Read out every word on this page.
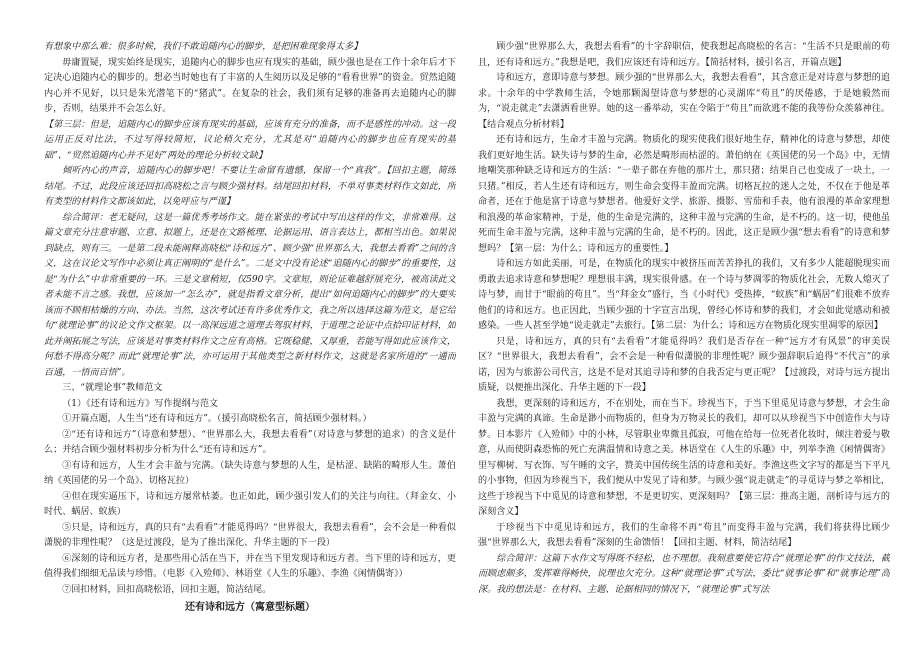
有想象中那么难；很多时候，我们不敢追随内心的脚步，是把困难现象得太多】

毋庸置疑，现实始终是现实，追随内心的脚步也应有现实的基础，顾少强也是在工作十余年后才下定决心追随内心的脚步的。想必当时她也有了丰富的人生阅历以及足够的“看看世界”的资金。贸然追随内心并不见好，以只是朱光潜笔下的“猪武”。在复杂的社会，我们须有足够的准备再去追随内心的脚步，否则，结果并不会怎么好。

【第三层：但是，追随内心的脚步应该有现实的基础，应该有充分的准备，而不是感性的冲动。这一段运用正反对比法，不过写得较简短，议论稍欠充分，尤其是对“追随内心的脚步也应有现实的基础”、“贸然追随内心并不见好”两处的理论分析较文缺】

倾听内心的声音，追随内心的脚步吧！不要让生命留有遗憾，保留一个“真我”。【回扣主题，简练结尾。不过，此段应该还回扣高晓松之言与顾少强材料。结尾回扣材料，不单对事类材料作文如此，所有类型的材料作文都该如此，以免呼应与严谨】

综合简评：老无疑问，这是一篇优秀考场作文。能在紧张的考试中写出这样的作文，非常难得。这篇文章充分注意审题、立意、拟题上，还是在文路梳理、论据运用、语言表达上，都相当出色。如果说到缺点，则有三。一是第二段未能阐释高晓松“诗和远方”、顾少强“世界那么大，我想去看看”之间的含义，这在议论文写作中必须让真正阐明的“是什么”。二是文中没有论述“追随内心的脚步”的重要性，这是“为什么”中非常重要的一环。三是文章稍短，仅590字。文章短，则论证难越舒展充分，被高读此文者未能不言之感。我想，应该加一“怎么办”，就是指看文章分析，提出“如何追随内心的脚步”的大要实该而不顾相枯燥的方向、办法。当然，这次考试还有许多优秀作文，我之所以选择这篇为范文，是它给句“就理论事”的议论文作文框架。以一高深远道之道理去驾驭材料，于道理之论证中点拾印证材料，如此并阐拓展之写法，应该是对事类材料作文之应有高格。它既稳健，又厚重，若能写得如此应该作文，何愁不得高分呢？而此“就理论事”法，亦可运用于其他类型之新材料作文，这就是名家所道的“一通而百通，一悟而百悟”。

三、“就理论事”教师范文

（1）《还有诗和远方》写作提纲与范文

①开篇点题，人生当“还有诗和远方”。（援引高晓松名言，简括顾少强材料。）

②“还有诗和远方”（诗意和梦想）、“世界那么大，我想去看看”（对诗意与梦想的追求）的含义是什么；并结合顾少强材料初步分析为什么“还有诗和远方”。

③有诗和远方，人生才会丰盈与完满。（缺失诗意与梦想的人生，是枯涩、缺陷的畸形人生。萧伯纳《英国佬的另一个岛》、切格瓦拉）

④但在现实逼压下，诗和远方屡常枯萎。也正如此，顾少强引发人们的关注与向往。（拜金女、小时代、蜗居、蚁族）

⑤只是，诗和远方，真的只有“去看看”才能觅得吗？“世界很大，我想去看看”，会不会是一种看似潇脱的非理性呢？（这是过渡段，是为了推出深化、升华主题的下一段）

⑥深刻的诗和远方者，是那些用心活在当下，并在当下里发现诗和远方者。当下里的诗和远方，更值得我们细细无品读与珍惜。（电影《入殓师》、林语堂《人生的乐趣》、李渔《闲情偶寄》）

⑦回扣材料，回扣高晓松语，回扣主题，简洁结尾。

还有诗和远方（寓意型标题）

顾少强“世界那么大，我想去看看”的十字辞职信，使我想起高晓松的名言：“生活不只是眼前的苟且，还有诗和远方。”我想是吧，我们应该还有诗和远方。【简括材料，援引名言，开篇点题】

诗和远方，意即诗意与梦想。顾少强的“世界那么大，我想去看看”，其含意正是对诗意与梦想的追求。十余年的中学教师生活，令她那颗渴望诗意与梦想的心灵湖库“苟且”的厌倦感，于是她毅然而为，“说走就走”去潇洒看世界。她的这一番举动，实在令陷于“苟且”而欲逃不能的我等份众羡慕神往。【结合观点分析材料】

还有诗和远方，生命才丰盈与完满。物质化的现实使我们很好地生存，精神化的诗意与梦想，却使我们更好地生活。缺失诗与梦的生命，必然是畸形而枯涩的。萧伯纳在《英国佬的另一个岛》中，无情地嘲笑那种缺乏诗和远方的生活：“一辈子都在弃他的那片土，那只猪；结果自己也变成了一块土，一只猪。”相反，若人生还有诗和远方，则生命会变得丰盈而完满。切格瓦拉的迷人之处，不仅在于他是革命者，还在于他是富于诗意与梦想者。他爱好文学、旅游、摄影、雪茄和手表，他有浪漫的革命家理想和浪漫的革命家精神，于是，他的生命是完满的，这种丰盈与完满的生命，是不朽的。这一切，使他虽死而生命丰盈与完满，这种丰盈与完满的生命，是不朽的。因此，这正是顾少强“想去看看”的诗意和梦想吗？【第一层：为什么；诗和远方的重要性。】

诗和远方如此美丽，可是，在物质化的现实中被挤压而苦苦挣扎的我们，又有多少人能超脱现实而勇敢去追求诗意和梦想呢？理想很丰满，现实很骨感。在一个诗与梦凋零的物质化社会，无数人熄灭了诗与梦，而甘于“眼前的苟且”。当“拜金女”盛行，当《小时代》受热捧，“蚁族”和“蜗居”们很难不放弃他们的诗和远方。也正因此，当顾少强的十字宣言出现，曾经心怀诗和梦的我们，才会如此觉感动和被感染。一些人甚至学她“说走就走”去旅行。【第二层：为什么；诗和远方在物质化现实里凋零的原因】

只是，诗和远方，真的只有“去看看”才能觅得吗？我们是否存在一种“远方才有风景”的审美误区？“世界很大，我想去看看”，会不会是一种看似潇脱的非理性呢？顾少强辞职后追得“不代言”的承诺，因为与旅游公司代言，这是不是对其追寻诗和梦的自我否定与更正呢？【过渡段，对诗与远方提出质疑，以便推出深化、升华主题的下一段】

我想，更深刻的诗和远方，不在别处，而在当下。珍视当下，于当下里觅见诗意与梦想，才会生命丰盈与完满的真谛。生命是渺小而物质的，但身为万物灵长的我们，却可以从珍视当下中创造作大与诗梦。日本影片《入殓师》中的小林，尽管职业卑微且孤寂，可他在给每一位死者化妆时，倾注着爱与敬意，从而使阴森恐怖的死亡充满温情和诗意之美。林语堂在《人生的乐趣》中，列举李渔《闲情偶寄》里写柳树、写衣饰、写午睡的文字，赞美中国传统生活的诗意和美好。李渔这些文字写的都是当下平凡的小事物，但因为珍视当下，我们便从中发见了诗和梦。与顾少强“说走就走”的寻觅诗与梦之举相比，这些于珍视当下中觅见的诗意和梦想，不是更切实、更深刻吗？【第三层：推高主题，剖析诗与远方的深刻含义】

于珍视当下中觅见诗和远方，我们的生命将不再“苟且”而变得丰盈与完满，我们将获得比顾少强“世界那么大，我想去看看”深刻的生命馈悟！【回扣主题、材料，简洁结尾】

综合简评：这篇下水作文写得既不轻松，也不理想。我刻意要使它符合“就理论事”的作文技法，截而顾虑颇多，发挥难得畅快，说理也欠充分。这种“就理论事”式写法，委比“就事论事”和“就事论理”高深。我的想法是：在材料、主题、论据相同的情况下，“就理论事”式写法
